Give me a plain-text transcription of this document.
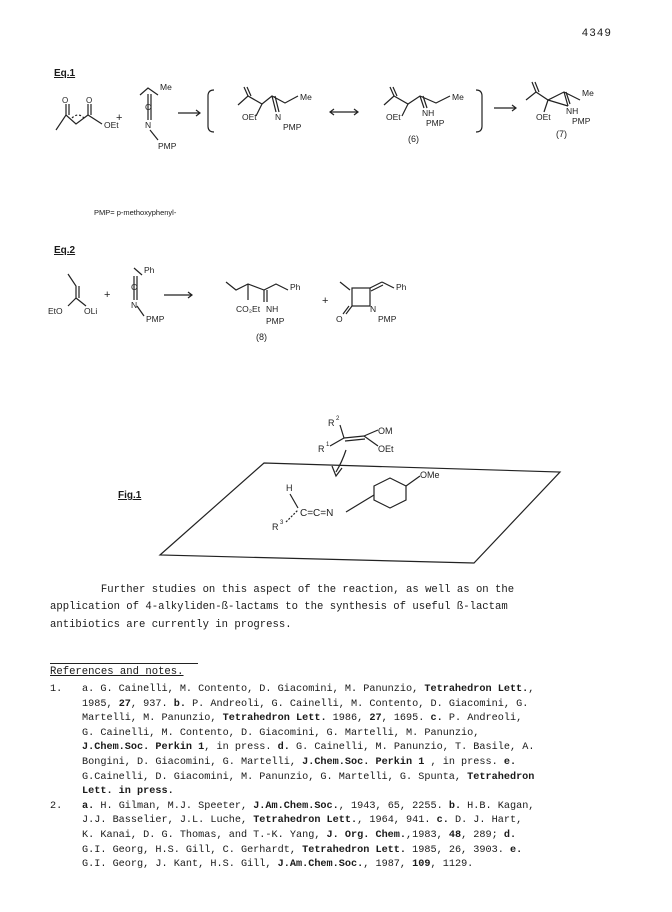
4349
Eq.1
Me
C
N
PMP
OEt
O O
+
Me
OEt N
PMP
Me
OEt	NH
PMP
(6)
Me
OEt
NH
PMP
(7)
PMP= p-methoxyphenyl-
Eq.2
EtO	OLi
+
Ph
C
N
PMP
Ph
CO₂Et NH
PMP
(8)
+
Ph
N
PMP
O
Fig.1
R 2
OM
R 1	OEt
H
R 3
C=C=N
OMe
Further studies on this aspect of the reaction, as well as on the
application of 4-alkyliden-ß-lactams to the synthesis of useful ß-lactam
antibiotics are currently in progress.
References and notes.
1. a. G. Cainelli, M. Contento, D. Giacomini, M. Panunzio, Tetrahedron Lett.,
1985, 27, 937. b. P. Andreoli, G. Cainelli, M. Contento, D. Giacomini, G.
Martelli, M. Panunzio, Tetrahedron Lett. 1986, 27, 1695. c. P. Andreoli,
G. Cainelli, M. Contento, D. Giacomini, G. Martelli, M. Panunzio,
J.Chem.Soc. Perkin 1, in press. d. G. Cainelli, M. Panunzio, T. Basile, A.
Bongini, D. Giacomini, G. Martelli, J.Chem.Soc. Perkin 1 , in press. e.
G.Cainelli, D. Giacomini, M. Panunzio, G. Martelli, G. Spunta, Tetrahedron
Lett. in press.
2. a. H. Gilman, M.J. Speeter, J.Am.Chem.Soc., 1943, 65, 2255. b. H.B. Kagan,
J.J. Basselier, J.L. Luche, Tetrahedron Lett., 1964, 941. c. D. J. Hart,
K. Kanai, D. G. Thomas, and T.-K. Yang, J. Org. Chem.,1983, 48, 289; d.
G.I. Georg, H.S. Gill, C. Gerhardt, Tetrahedron Lett. 1985, 26, 3903. e.
G.I. Georg, J. Kant, H.S. Gill, J.Am.Chem.Soc., 1987, 109, 1129.
